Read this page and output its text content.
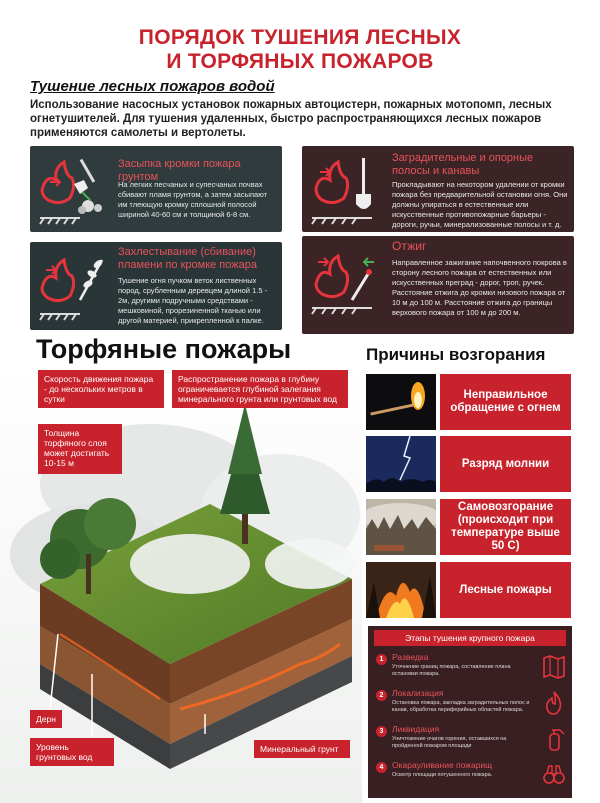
ПОРЯДОК ТУШЕНИЯ ЛЕСНЫХ
И ТОРФЯНЫХ ПОЖАРОВ
Тушение лесных пожаров водой
Использование насосных установок пожарных автоцистерн, пожарных мотопомп, лесных огнетушителей. Для тушения удаленных, быстро распространяющихся лесных пожаров применяются самолеты и вертолеты.
Засыпка кромки пожара грунтом
На легких песчаных и супесчаных почвах сбивают пламя грунтом, а затем засыпают им тлеющую кромку сплошной полосой шириной 40-60 см и толщиной 6-8 см.
Заградительные и опорные полосы и канавы
Прокладывают на некотором удалении от кромки пожара без предварительной остановки огня. Они должны упираться в естественные или искусственные противопожарные барьеры - дороги, ручьи, минерализованные полосы и т. д.
Захлестывание (сбивание) пламени по кромке пожара
Тушение огня пучком веток лиственных пород, срубленным деревцем длиной 1.5 - 2м, другими подручными средствами - мешковиной, прорезиненной тканью или другой материей, прикрепленной к палке.
Отжиг
Направленное зажигание напочвенного покрова в сторону лесного пожара от естественных или искусственных преград - дорог, троп, ручек. Расстояние отжига до кромки низового пожара от 10 м до 100 м. Расстояние отжига до границы верхового пожара от 100 м до 200 м.
Торфяные пожары	Причины возгорания
Скорость движения пожара - до нескольких метров в сутки
Распространение пожара в глубину ограничевается глубиной залегания минерального грунта или грунтовых вод
Толщина торфяного слоя может достигать 10-15 м
Дерн
Уровень грунтовых вод
Минеральный грунт
Неправильное обращение с огнем
Разряд молнии
Самовозгорание (происходит при температуре выше 50 С)
Лесные пожары
Этапы тушения крупного пожара
1	Разведка
Уточнение границ пожара, составление плана остановки пожара.
2	Локализация
Остановка пожара, закладка заградительных полос и канав, обработка периферийных областей пожара.
3	Ликвидация
Уничтожение очагов горения, оставшихся на пройденной пожаром площади
4	Окарауливание пожарищ
Осмотр площади потушенного пожара.
